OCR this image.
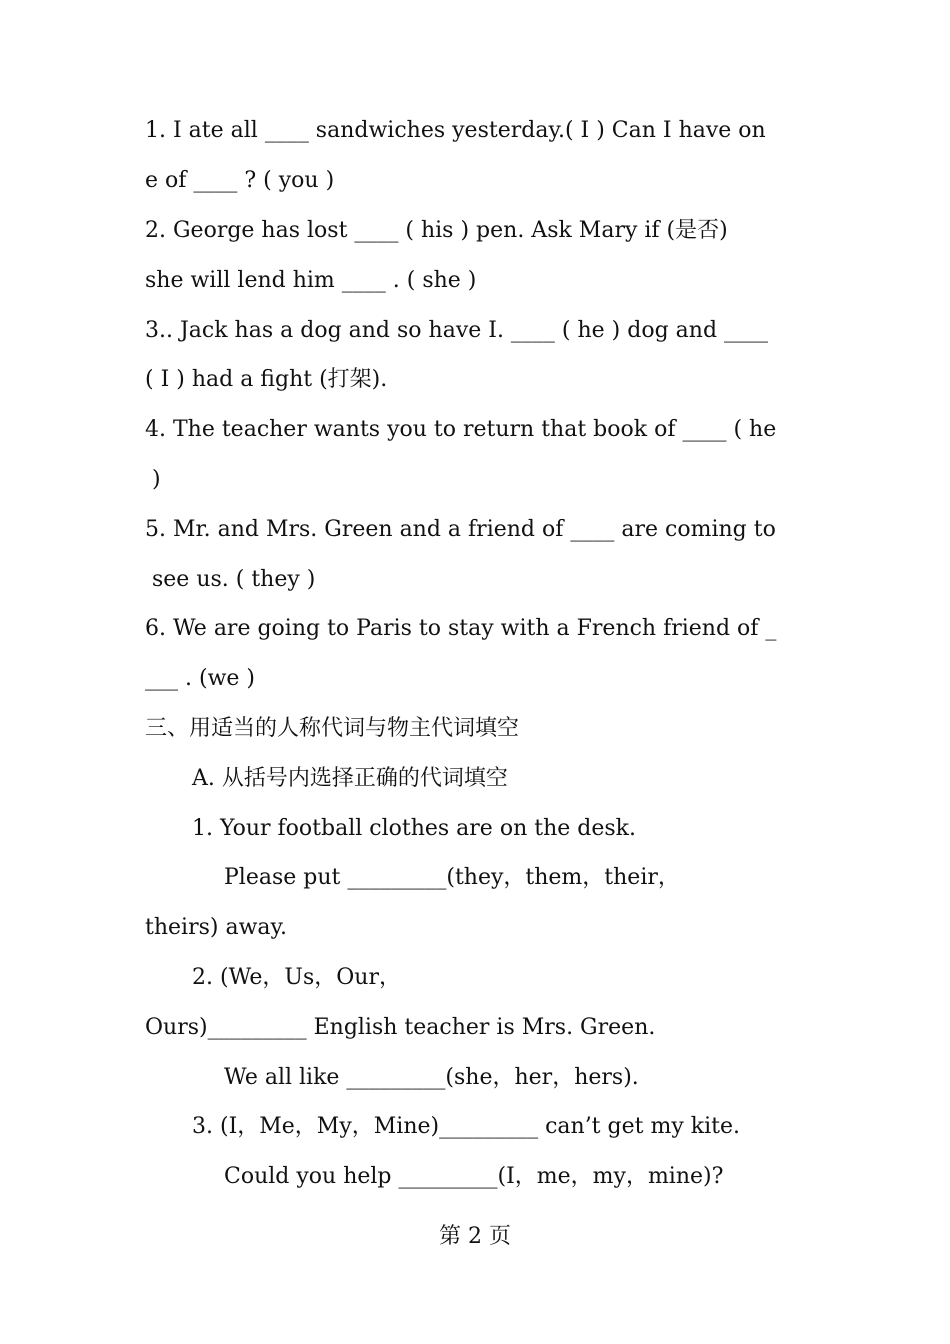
1. I ate all ____ sandwiches yesterday.( I ) Can I have on
e of ____ ? ( you )
2. George has lost ____ ( his ) pen. Ask Mary if (是否)
she will lend him ____ . ( she )
3.. Jack has a dog and so have I. ____ ( he ) dog and ____
( I ) had a fight (打架).
4. The teacher wants you to return that book of ____ ( he
)
5. Mr. and Mrs. Green and a friend of ____ are coming to
see us. ( they )
6. We are going to Paris to stay with a French friend of _
___ . (we )
三、用适当的人称代词与物主代词填空
A. 从括号内选择正确的代词填空
1. Your football clothes are on the desk.
Please put _________(they，them，their，
theirs) away.
2. (We，Us，Our，
Ours)_________ English teacher is Mrs. Green.
We all like _________(she，her，hers).
3. (I，Me，My，Mine)_________ can’t get my kite.
Could you help _________(I，me，my，mine)?
第 2 页
